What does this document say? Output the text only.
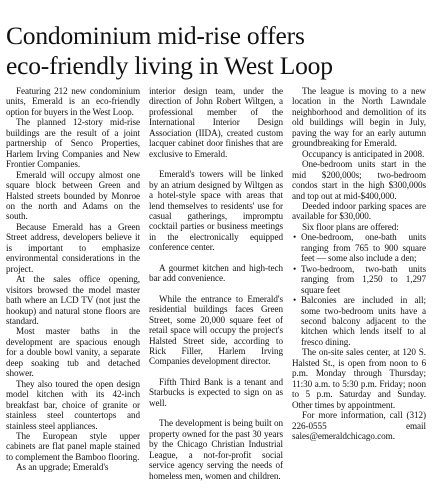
Condominium mid-rise offers
eco-friendly living in West Loop

Featuring 212 new condominium units, Emerald is an eco-friendly option for buyers in the West Loop.

The planned 12-story mid-rise buildings are the result of a joint partnership of Senco Properties, Harlem Irving Companies and New Frontier Companies.

Emerald will occupy almost one square block between Green and Halsted streets bounded by Monroe on the north and Adams on the south.

Because Emerald has a Green Street address, developers believe it is important to emphasize environmental considerations in the project.

At the sales office opening, visitors browsed the model master bath where an LCD TV (not just the hookup) and natural stone floors are standard.

Most master baths in the development are spacious enough for a double bowl vanity, a separate deep soaking tub and detached shower.

They also toured the open design model kitchen with its 42-inch breakfast bar, choice of granite or stainless steel countertops and stainless steel appliances.

The European style upper cabinets are flat panel maple stained to complement the Bamboo flooring.

As an upgrade; Emerald's

interior design team, under the direction of John Robert Wiltgen, a professional member of the International Interior Design Association (IIDA), created custom lacquer cabinet door finishes that are exclusive to Emerald.

Emerald's towers will be linked by an atrium designed by Wiltgen as a hotel-style space with areas that lend themselves to residents' use for casual gatherings, impromptu cocktail parties or business meetings in the electronically equipped conference center.

A gourmet kitchen and high-tech bar add convenience.

While the entrance to Emerald's residential buildings faces Green Street, some 20,000 square feet of retail space will occupy the project's Halsted Street side, according to Rick Filler, Harlem Irving Companies development director.

Fifth Third Bank is a tenant and Starbucks is expected to sign on as well.

The development is being built on property owned for the past 30 years by the Chicago Christian Industrial League, a not-for-profit social service agency serving the needs of homeless men, women and children.

The league is moving to a new location in the North Lawndale neighborhood and demolition of its old buildings will begin in July, paving the way for an early autumn groundbreaking for Emerald.

Occupancy is anticipated in 2008.

One-bedroom units start in the mid $200,000s; two-bedroom condos start in the high $300,000s and top out at mid-$400,000.

Deeded indoor parking spaces are available for $30,000.

Six floor plans are offered:

• One-bedroom, one-bath units ranging from 765 to 900 square feet — some also include a den;

• Two-bedroom, two-bath units ranging from 1,250 to 1,297 square feet

• Balconies are included in all; some two-bedroom units have a second balcony adjacent to the kitchen which lends itself to al fresco dining.

The on-site sales center, at 120 S. Halsted St., is open from noon to 6 p.m. Monday through Thursday; 11:30 a.m. to 5:30 p.m. Friday; noon to 5 p.m. Saturday and Sunday. Other times by appointment.

For more information, call (312) 226-0555 email sales@emeraldchicago.com.
